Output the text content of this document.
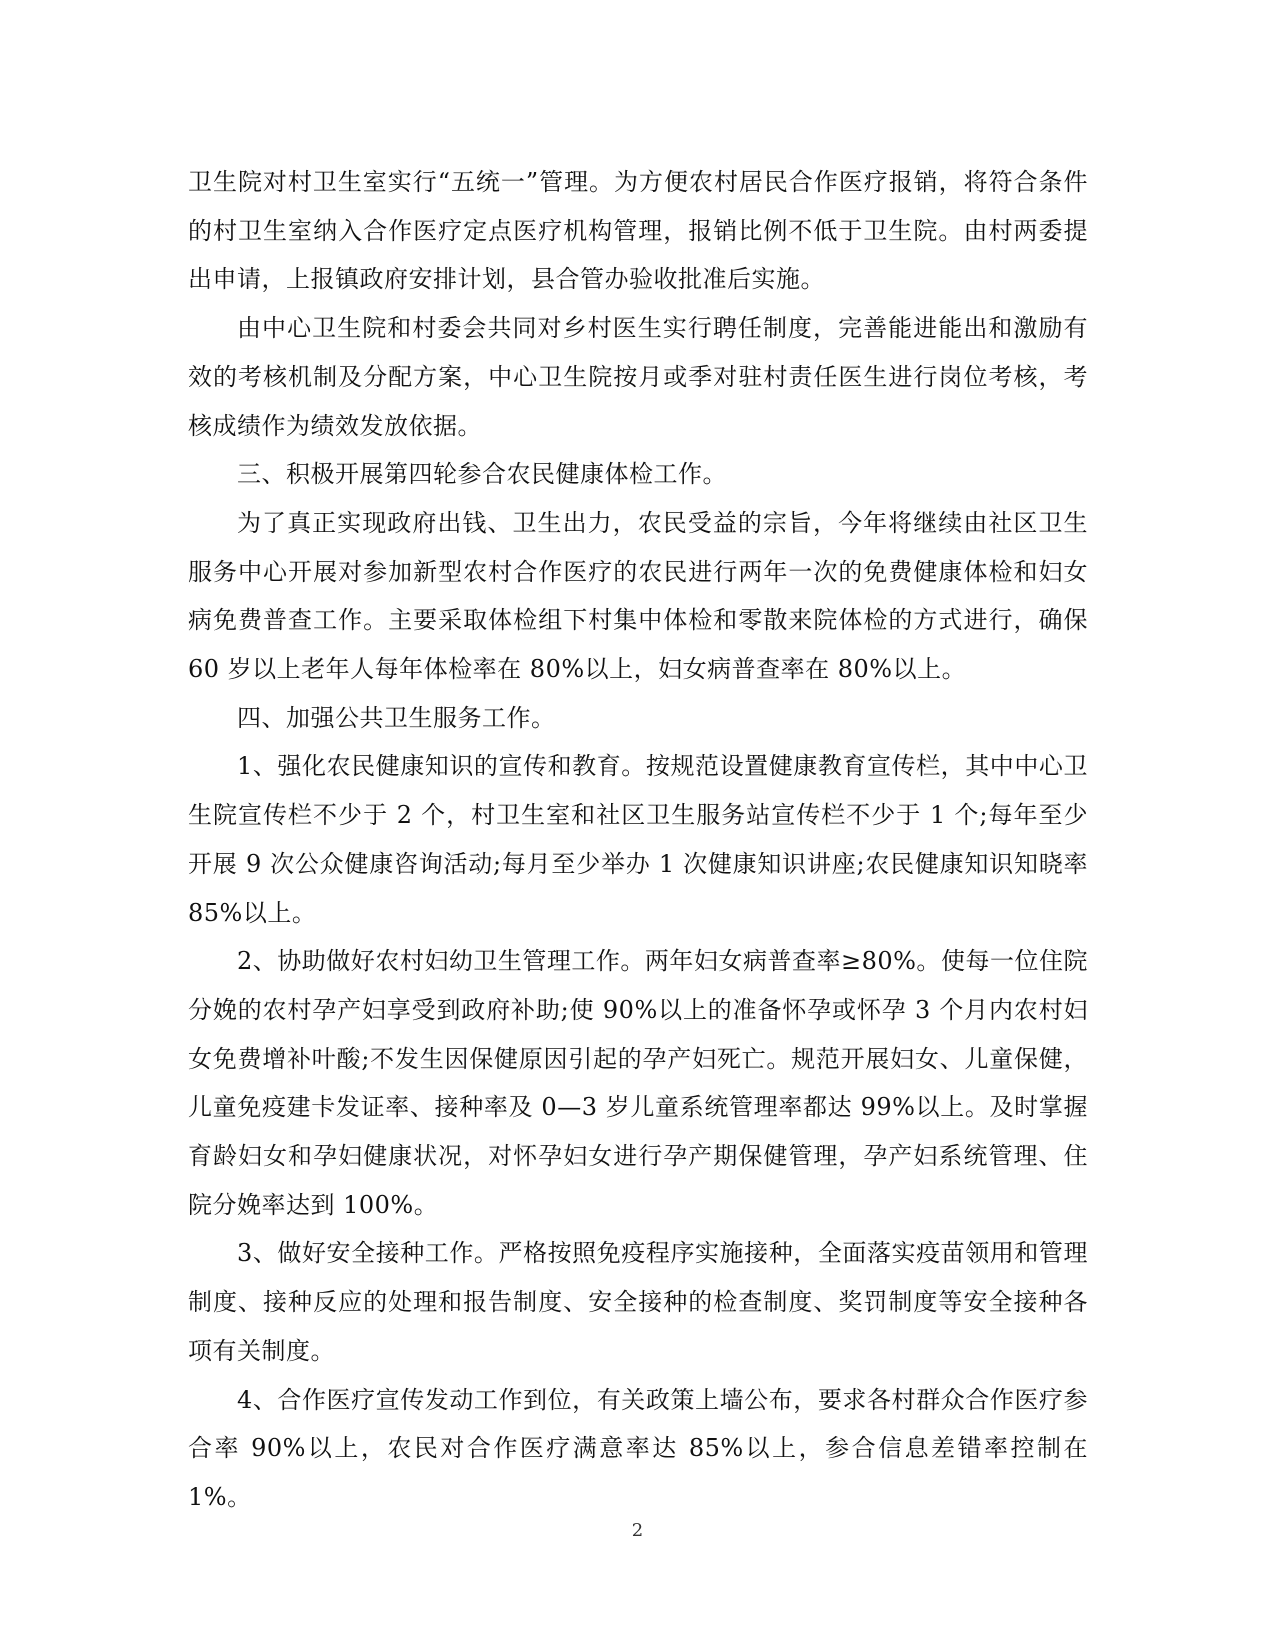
卫生院对村卫生室实行“五统一”管理。为方便农村居民合作医疗报销，将符合条件的村卫生室纳入合作医疗定点医疗机构管理，报销比例不低于卫生院。由村两委提出申请，上报镇政府安排计划，县合管办验收批准后实施。

由中心卫生院和村委会共同对乡村医生实行聘任制度，完善能进能出和激励有效的考核机制及分配方案，中心卫生院按月或季对驻村责任医生进行岗位考核，考核成绩作为绩效发放依据。

三、积极开展第四轮参合农民健康体检工作。

为了真正实现政府出钱、卫生出力，农民受益的宗旨，今年将继续由社区卫生服务中心开展对参加新型农村合作医疗的农民进行两年一次的免费健康体检和妇女病免费普查工作。主要采取体检组下村集中体检和零散来院体检的方式进行，确保60 岁以上老年人每年体检率在 80%以上，妇女病普查率在 80%以上。

四、加强公共卫生服务工作。

1、强化农民健康知识的宣传和教育。按规范设置健康教育宣传栏，其中中心卫生院宣传栏不少于 2 个，村卫生室和社区卫生服务站宣传栏不少于 1 个;每年至少开展 9 次公众健康咨询活动;每月至少举办 1 次健康知识讲座;农民健康知识知晓率 85%以上。

2、协助做好农村妇幼卫生管理工作。两年妇女病普查率≥80%。使每一位住院分娩的农村孕产妇享受到政府补助;使 90%以上的准备怀孕或怀孕 3 个月内农村妇女免费增补叶酸;不发生因保健原因引起的孕产妇死亡。规范开展妇女、儿童保健，儿童免疫建卡发证率、接种率及 0—3 岁儿童系统管理率都达 99%以上。及时掌握育龄妇女和孕妇健康状况，对怀孕妇女进行孕产期保健管理，孕产妇系统管理、住院分娩率达到 100%。

3、做好安全接种工作。严格按照免疫程序实施接种，全面落实疫苗领用和管理制度、接种反应的处理和报告制度、安全接种的检查制度、奖罚制度等安全接种各项有关制度。

4、合作医疗宣传发动工作到位，有关政策上墙公布，要求各村群众合作医疗参合率 90%以上，农民对合作医疗满意率达 85%以上，参合信息差错率控制在 1%。

2
